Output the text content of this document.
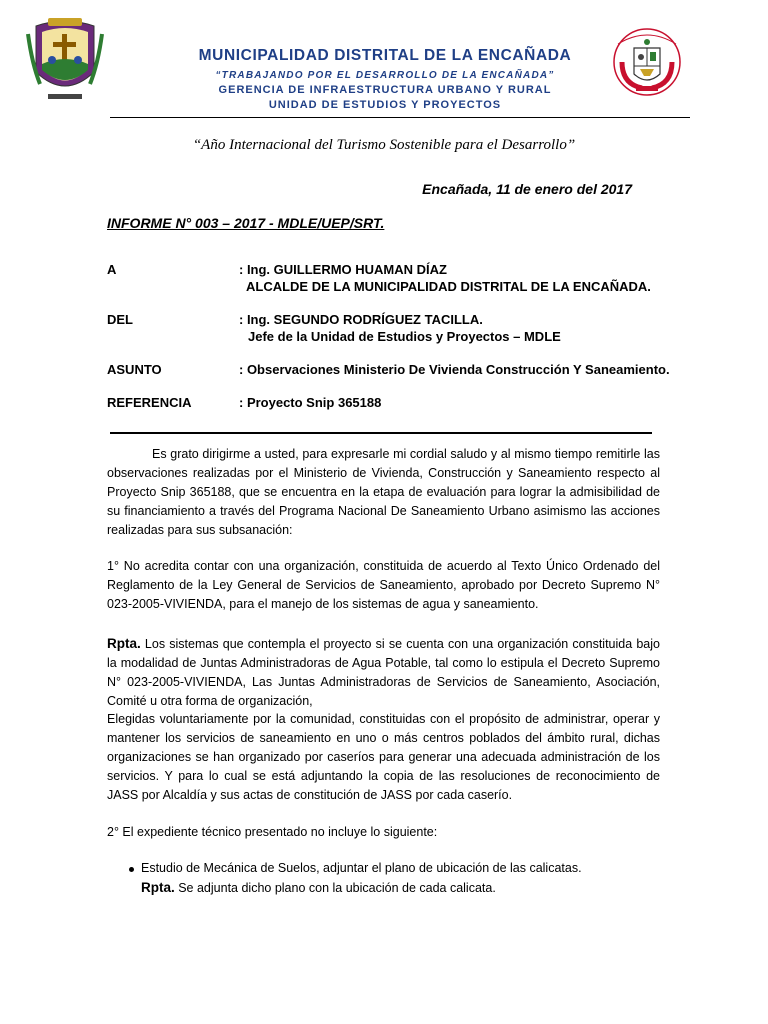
MUNICIPALIDAD DISTRITAL DE LA ENCAÑADA
“TRABAJANDO POR EL DESARROLLO DE LA ENCAÑADA”
GERENCIA DE INFRAESTRUCTURA URBANO Y RURAL
UNIDAD DE ESTUDIOS Y PROYECTOS
“Año Internacional del Turismo Sostenible para el Desarrollo”
Encañada, 11 de enero del 2017
INFORME N° 003 – 2017 - MDLE/UEP/SRT.
A	: Ing. GUILLERMO HUAMAN DÍAZ
ALCALDE DE LA MUNICIPALIDAD DISTRITAL DE LA ENCAÑADA.
DEL	: Ing. SEGUNDO RODRÍGUEZ TACILLA.
Jefe de la Unidad de Estudios y Proyectos – MDLE
ASUNTO	: Observaciones Ministerio De Vivienda Construcción Y Saneamiento.
REFERENCIA	: Proyecto Snip 365188
Es grato dirigirme a usted, para expresarle mi cordial saludo y al mismo tiempo remitirle las observaciones realizadas por el Ministerio de Vivienda, Construcción y Saneamiento respecto al Proyecto Snip 365188, que se encuentra en la etapa de evaluación para lograr la admisibilidad de su financiamiento a través del Programa Nacional De Saneamiento Urbano asimismo las acciones realizadas para sus subsanación:
1° No acredita contar con una organización, constituida de acuerdo al Texto Único Ordenado del Reglamento de la Ley General de Servicios de Saneamiento, aprobado por Decreto Supremo N° 023-2005-VIVIENDA, para el manejo de los sistemas de agua y saneamiento.
Rpta. Los sistemas que contempla el proyecto si se cuenta con una organización constituida bajo la modalidad de Juntas Administradoras de Agua Potable, tal como lo estipula el Decreto Supremo N° 023-2005-VIVIENDA, Las Juntas Administradoras de Servicios de Saneamiento, Asociación, Comité u otra forma de organización,
Elegidas voluntariamente por la comunidad, constituidas con el propósito de administrar, operar y mantener los servicios de saneamiento en uno o más centros poblados del ámbito rural, dichas organizaciones se han organizado por caseríos para generar una adecuada administración de los servicios. Y para lo cual se está adjuntando la copia de las resoluciones de reconocimiento de JASS por Alcaldía y sus actas de constitución de JASS por cada caserío.
2° El expediente técnico presentado no incluye lo siguiente:
Estudio de Mecánica de Suelos, adjuntar el plano de ubicación de las calicatas.
Rpta. Se adjunta dicho plano con la ubicación de cada calicata.
